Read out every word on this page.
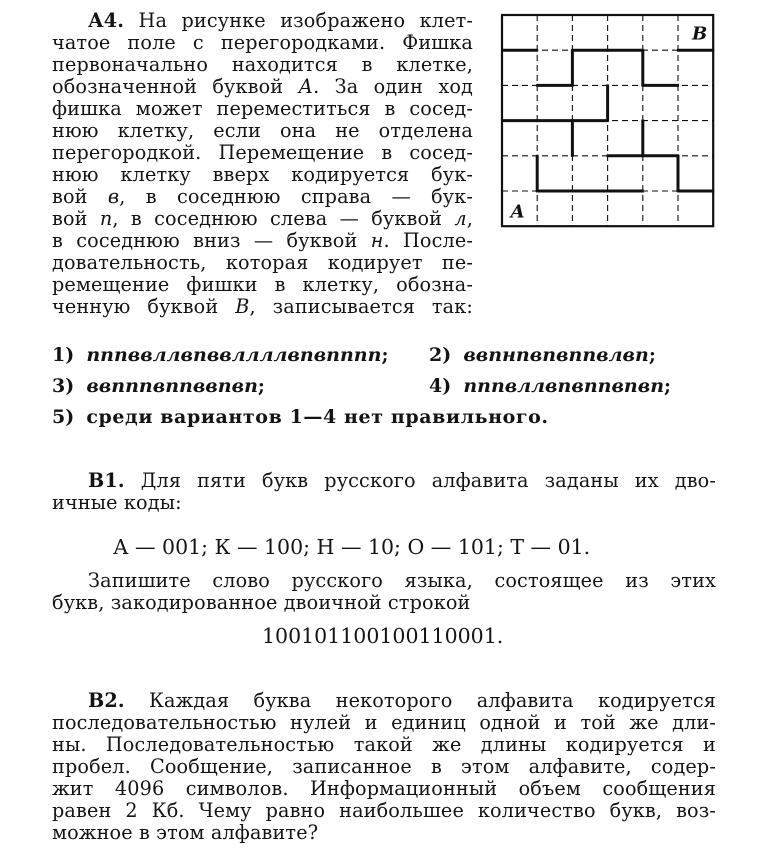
А4. На рисунке изображено клет-
чатое поле с перегородками. Фишка
первоначально находится в клетке,
обозначенной буквой А. За один ход
фишка может переместиться в сосед-
нюю клетку, если она не отделена
перегородкой. Перемещение в сосед-
нюю клетку вверх кодируется бук-
вой в, в соседнюю справа — бук-
вой п, в соседнюю слева — буквой л,
в соседнюю вниз — буквой н. После-
довательность, которая кодирует пе-
ремещение фишки в клетку, обозна-
ченную буквой В, записывается так:
B
A
1) пппввллвпввллллвпвпппп; 2) ввпнпвпвппвлвп;
3) ввпппвппввпвп;	4) пппвллвпвппвпвп;
5) среди вариантов 1—4 нет правильного.
В1. Для пяти букв русского алфавита заданы их дво-
ичные коды:
А — 001; К — 100; Н — 10; О — 101; Т — 01.
Запишите слово русского языка, состоящее из этих
букв, закодированное двоичной строкой
100101100100110001.
В2. Каждая буква некоторого алфавита кодируется
последовательностью нулей и единиц одной и той же дли-
ны. Последовательностью такой же длины кодируется и
пробел. Сообщение, записанное в этом алфавите, содер-
жит 4096 символов. Информационный объем сообщения
равен 2 Кб. Чему равно наибольшее количество букв, воз-
можное в этом алфавите?
